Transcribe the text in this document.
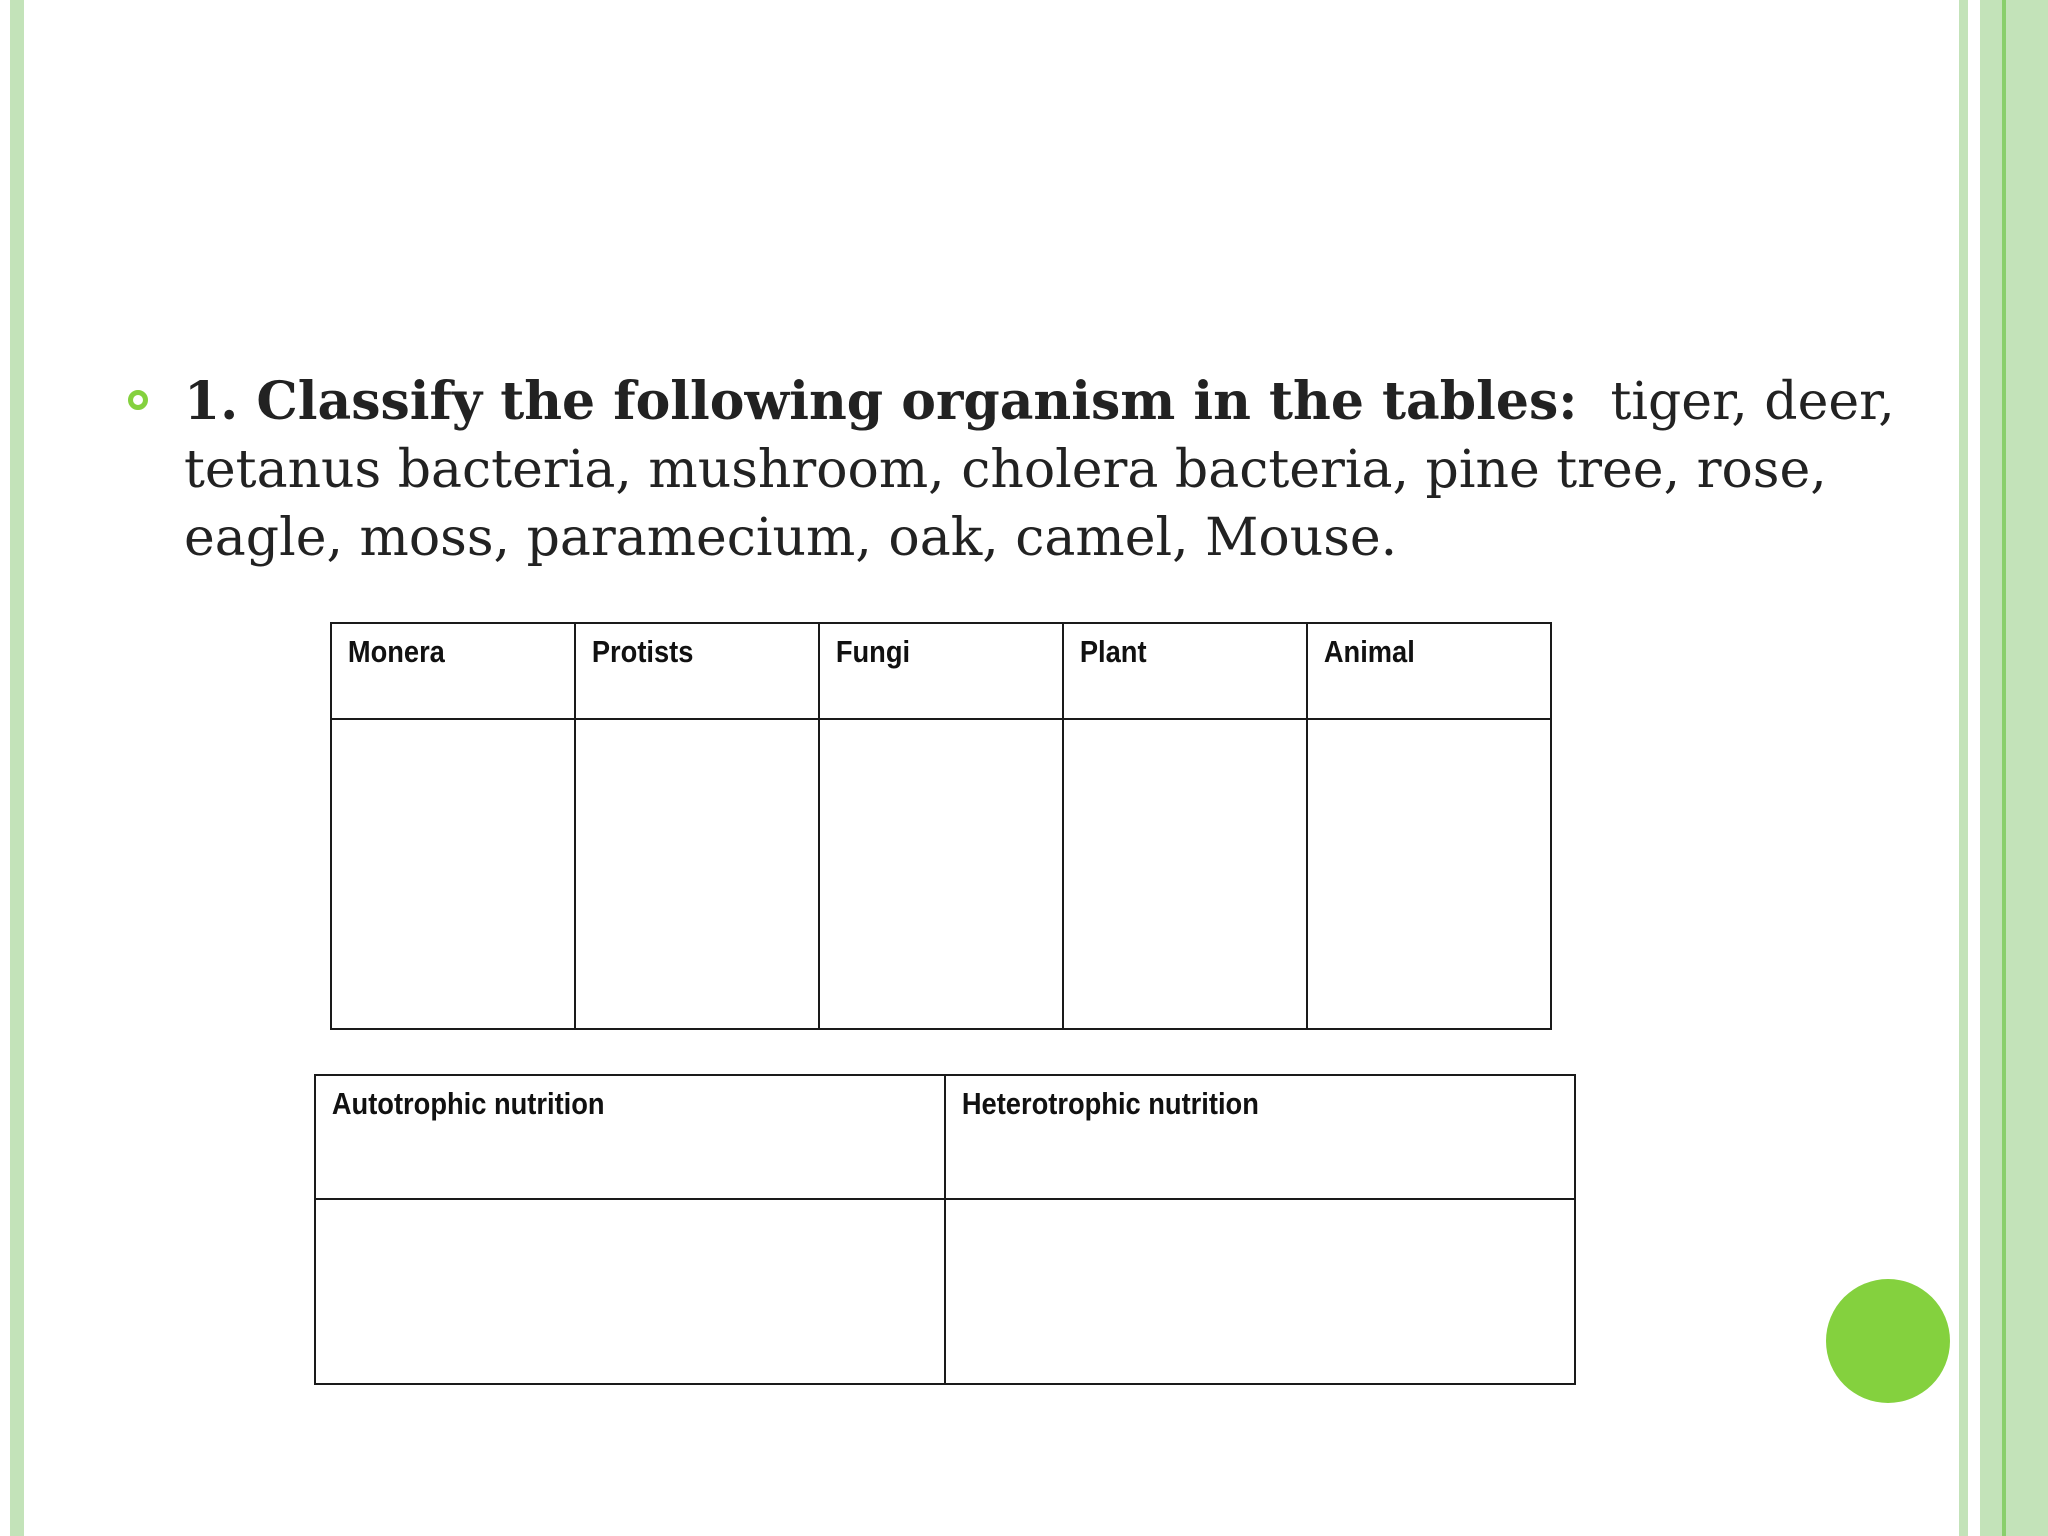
1. Classify the following organism in the tables: tiger, deer, tetanus bacteria, mushroom, cholera bacteria, pine tree, rose, eagle, moss, paramecium, oak, camel, Mouse.

Monera	Protists	Fungi	Plant	Animal

Autotrophic nutrition	Heterotrophic nutrition
